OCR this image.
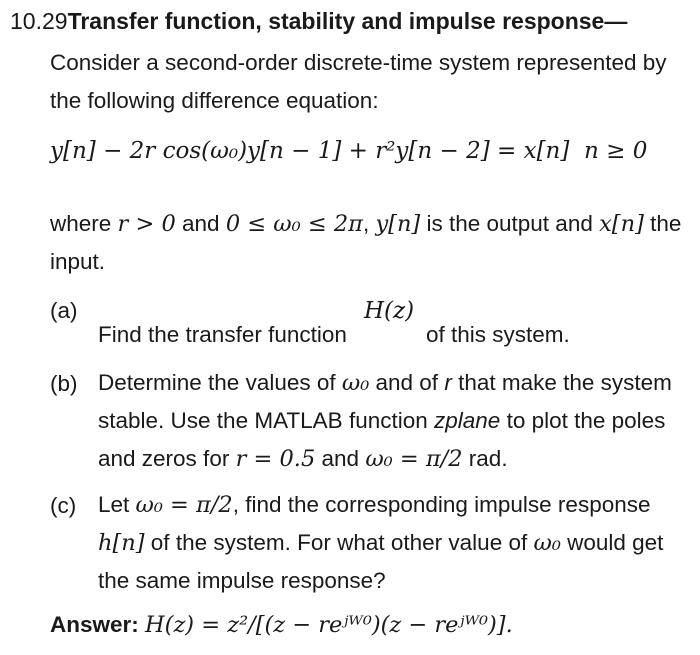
10.29Transfer function, stability and impulse response—
Consider a second-order discrete-time system represented by the following difference equation:
y[n] − 2r cos(ω₀)y[n − 1] + r²y[n − 2] = x[n] n ≥ 0
where r > 0 and 0 ≤ ω₀ ≤ 2π, y[n] is the output and x[n] the input.
(a)
Find the transfer function
H(z)
of this system.
(b) Determine the values of ω₀ and of r that make the system stable. Use the MATLAB function zplane to plot the poles and zeros for r = 0.5 and ω₀ = π/2 rad.
(c) Let ω₀ = π/2, find the corresponding impulse response h[n] of the system. For what other value of ω₀ would get the same impulse response?
Answer: H(z) = z²/[(z − reʲᵂ⁰)(z − reʲᵂ⁰)].
